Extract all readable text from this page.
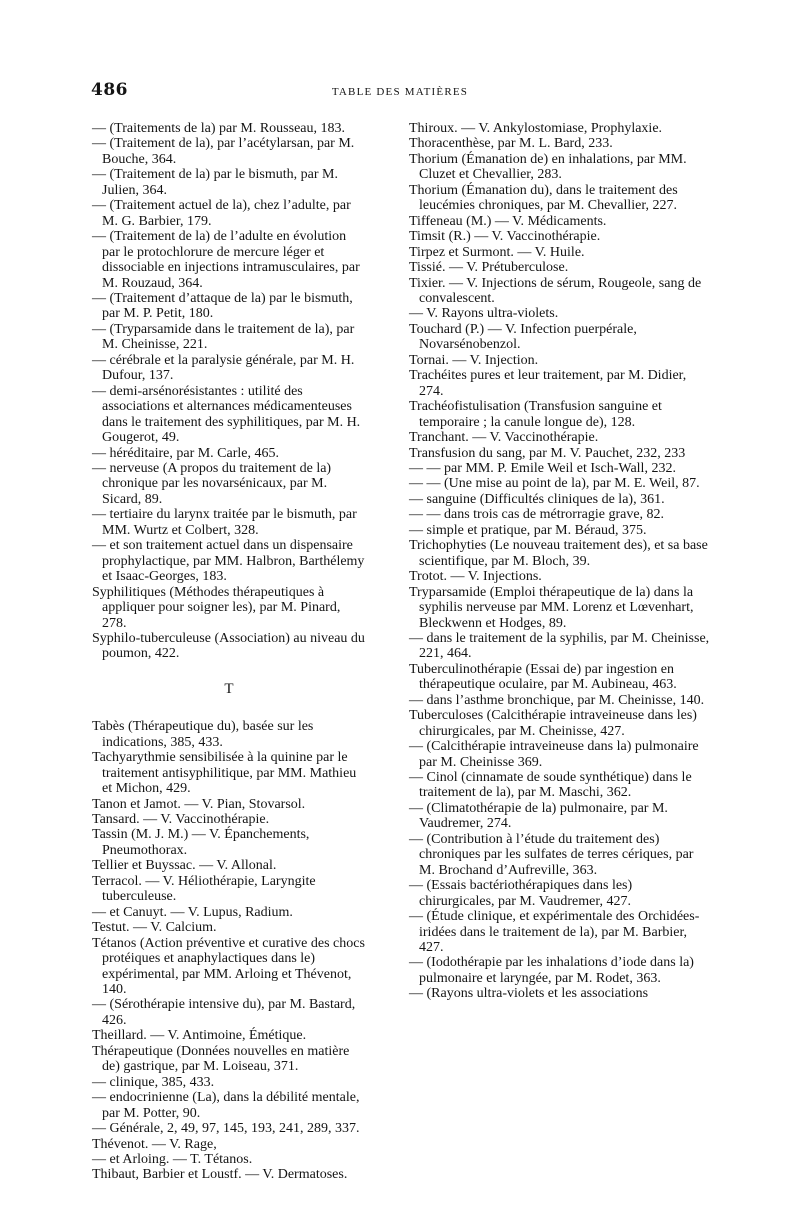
486	TABLE DES MATIÈRES

— (Traitements de la) par M. Rousseau, 183.

— (Traitement de la), par l’acétylarsan, par M. Bouche, 364.

— (Traitement de la) par le bismuth, par M. Julien, 364.

— (Traitement actuel de la), chez l’adulte, par M. G. Barbier, 179.

— (Traitement de la) de l’adulte en évolution par le protochlorure de mercure léger et dissociable en injections intramusculaires, par M. Rouzaud, 364.

— (Traitement d’attaque de la) par le bismuth, par M. P. Petit, 180.

— (Tryparsamide dans le traitement de la), par M. Cheinisse, 221.

— cérébrale et la paralysie générale, par M. H. Dufour, 137.

— demi-arsénorésistantes : utilité des associations et alternances médicamenteuses dans le traitement des syphilitiques, par M. H. Gougerot, 49.

— héréditaire, par M. Carle, 465.

— nerveuse (A propos du traitement de la) chronique par les novarsénicaux, par M. Sicard, 89.

— tertiaire du larynx traitée par le bismuth, par MM. Wurtz et Colbert, 328.

— et son traitement actuel dans un dispensaire prophylactique, par MM. Halbron, Barthélemy et Isaac-Georges, 183.

Syphilitiques (Méthodes thérapeutiques à appliquer pour soigner les), par M. Pinard, 278.

Syphilo-tuberculeuse (Association) au niveau du poumon, 422.

T

Tabès (Thérapeutique du), basée sur les indications, 385, 433.

Tachyarythmie sensibilisée à la quinine par le traitement antisyphilitique, par MM. Mathieu et Michon, 429.

Tanon et Jamot. — V. Pian, Stovarsol.

Tansard. — V. Vaccinothérapie.

Tassin (M. J. M.) — V. Épanchements, Pneumothorax.

Tellier et Buyssac. — V. Allonal.

Terracol. — V. Héliothérapie, Laryngite tuberculeuse.

— et Canuyt. — V. Lupus, Radium.

Testut. — V. Calcium.

Tétanos (Action préventive et curative des chocs protéiques et anaphylactiques dans le) expérimental, par MM. Arloing et Thévenot, 140.

— (Sérothérapie intensive du), par M. Bastard, 426.

Theillard. — V. Antimoine, Émétique.

Thérapeutique (Données nouvelles en matière de) gastrique, par M. Loiseau, 371.

— clinique, 385, 433.

— endocrinienne (La), dans la débilité mentale, par M. Potter, 90.

— Générale, 2, 49, 97, 145, 193, 241, 289, 337.

Thévenot. — V. Rage,

— et Arloing. — T. Tétanos.

Thibaut, Barbier et Loustf. — V. Dermatoses.

Thiroux. — V. Ankylostomiase, Prophylaxie.

Thoracenthèse, par M. L. Bard, 233.

Thorium (Émanation de) en inhalations, par MM. Cluzet et Chevallier, 283.

Thorium (Émanation du), dans le traitement des leucémies chroniques, par M. Chevallier, 227.

Tiffeneau (M.) — V. Médicaments.

Timsit (R.) — V. Vaccinothérapie.

Tirpez et Surmont. — V. Huile.

Tissié. — V. Prétuberculose.

Tixier. — V. Injections de sérum, Rougeole, sang de convalescent.

— V. Rayons ultra-violets.

Touchard (P.) — V. Infection puerpérale, Novarsénobenzol.

Tornai. — V. Injection.

Trachéites pures et leur traitement, par M. Didier, 274.

Trachéofistulisation (Transfusion sanguine et temporaire ; la canule longue de), 128.

Tranchant. — V. Vaccinothérapie.

Transfusion du sang, par M. V. Pauchet, 232, 233

— — par MM. P. Emile Weil et Isch-Wall, 232.

— — (Une mise au point de la), par M. E. Weil, 87.

— sanguine (Difficultés cliniques de la), 361.

— — dans trois cas de métrorragie grave, 82.

— simple et pratique, par M. Béraud, 375.

Trichophyties (Le nouveau traitement des), et sa base scientifique, par M. Bloch, 39.

Trotot. — V. Injections.

Tryparsamide (Emploi thérapeutique de la) dans la syphilis nerveuse par MM. Lorenz et Lœvenhart, Bleckwenn et Hodges, 89.

— dans le traitement de la syphilis, par M. Cheinisse, 221, 464.

Tuberculinothérapie (Essai de) par ingestion en thérapeutique oculaire, par M. Aubineau, 463.

— dans l’asthme bronchique, par M. Cheinisse, 140.

Tuberculoses (Calcithérapie intraveineuse dans les) chirurgicales, par M. Cheinisse, 427.

— (Calcithérapie intraveineuse dans la) pulmonaire par M. Cheinisse 369.

— Cinol (cinnamate de soude synthétique) dans le traitement de la), par M. Maschi, 362.

— (Climatothérapie de la) pulmonaire, par M. Vaudremer, 274.

— (Contribution à l’étude du traitement des) chroniques par les sulfates de terres cériques, par M. Brochand d’Aufreville, 363.

— (Essais bactériothérapiques dans les) chirurgicales, par M. Vaudremer, 427.

— (Étude clinique, et expérimentale des Orchidées-iridées dans le traitement de la), par M. Barbier, 427.

— (Iodothérapie par les inhalations d’iode dans la) pulmonaire et laryngée, par M. Rodet, 363.

— (Rayons ultra-violets et les associations
